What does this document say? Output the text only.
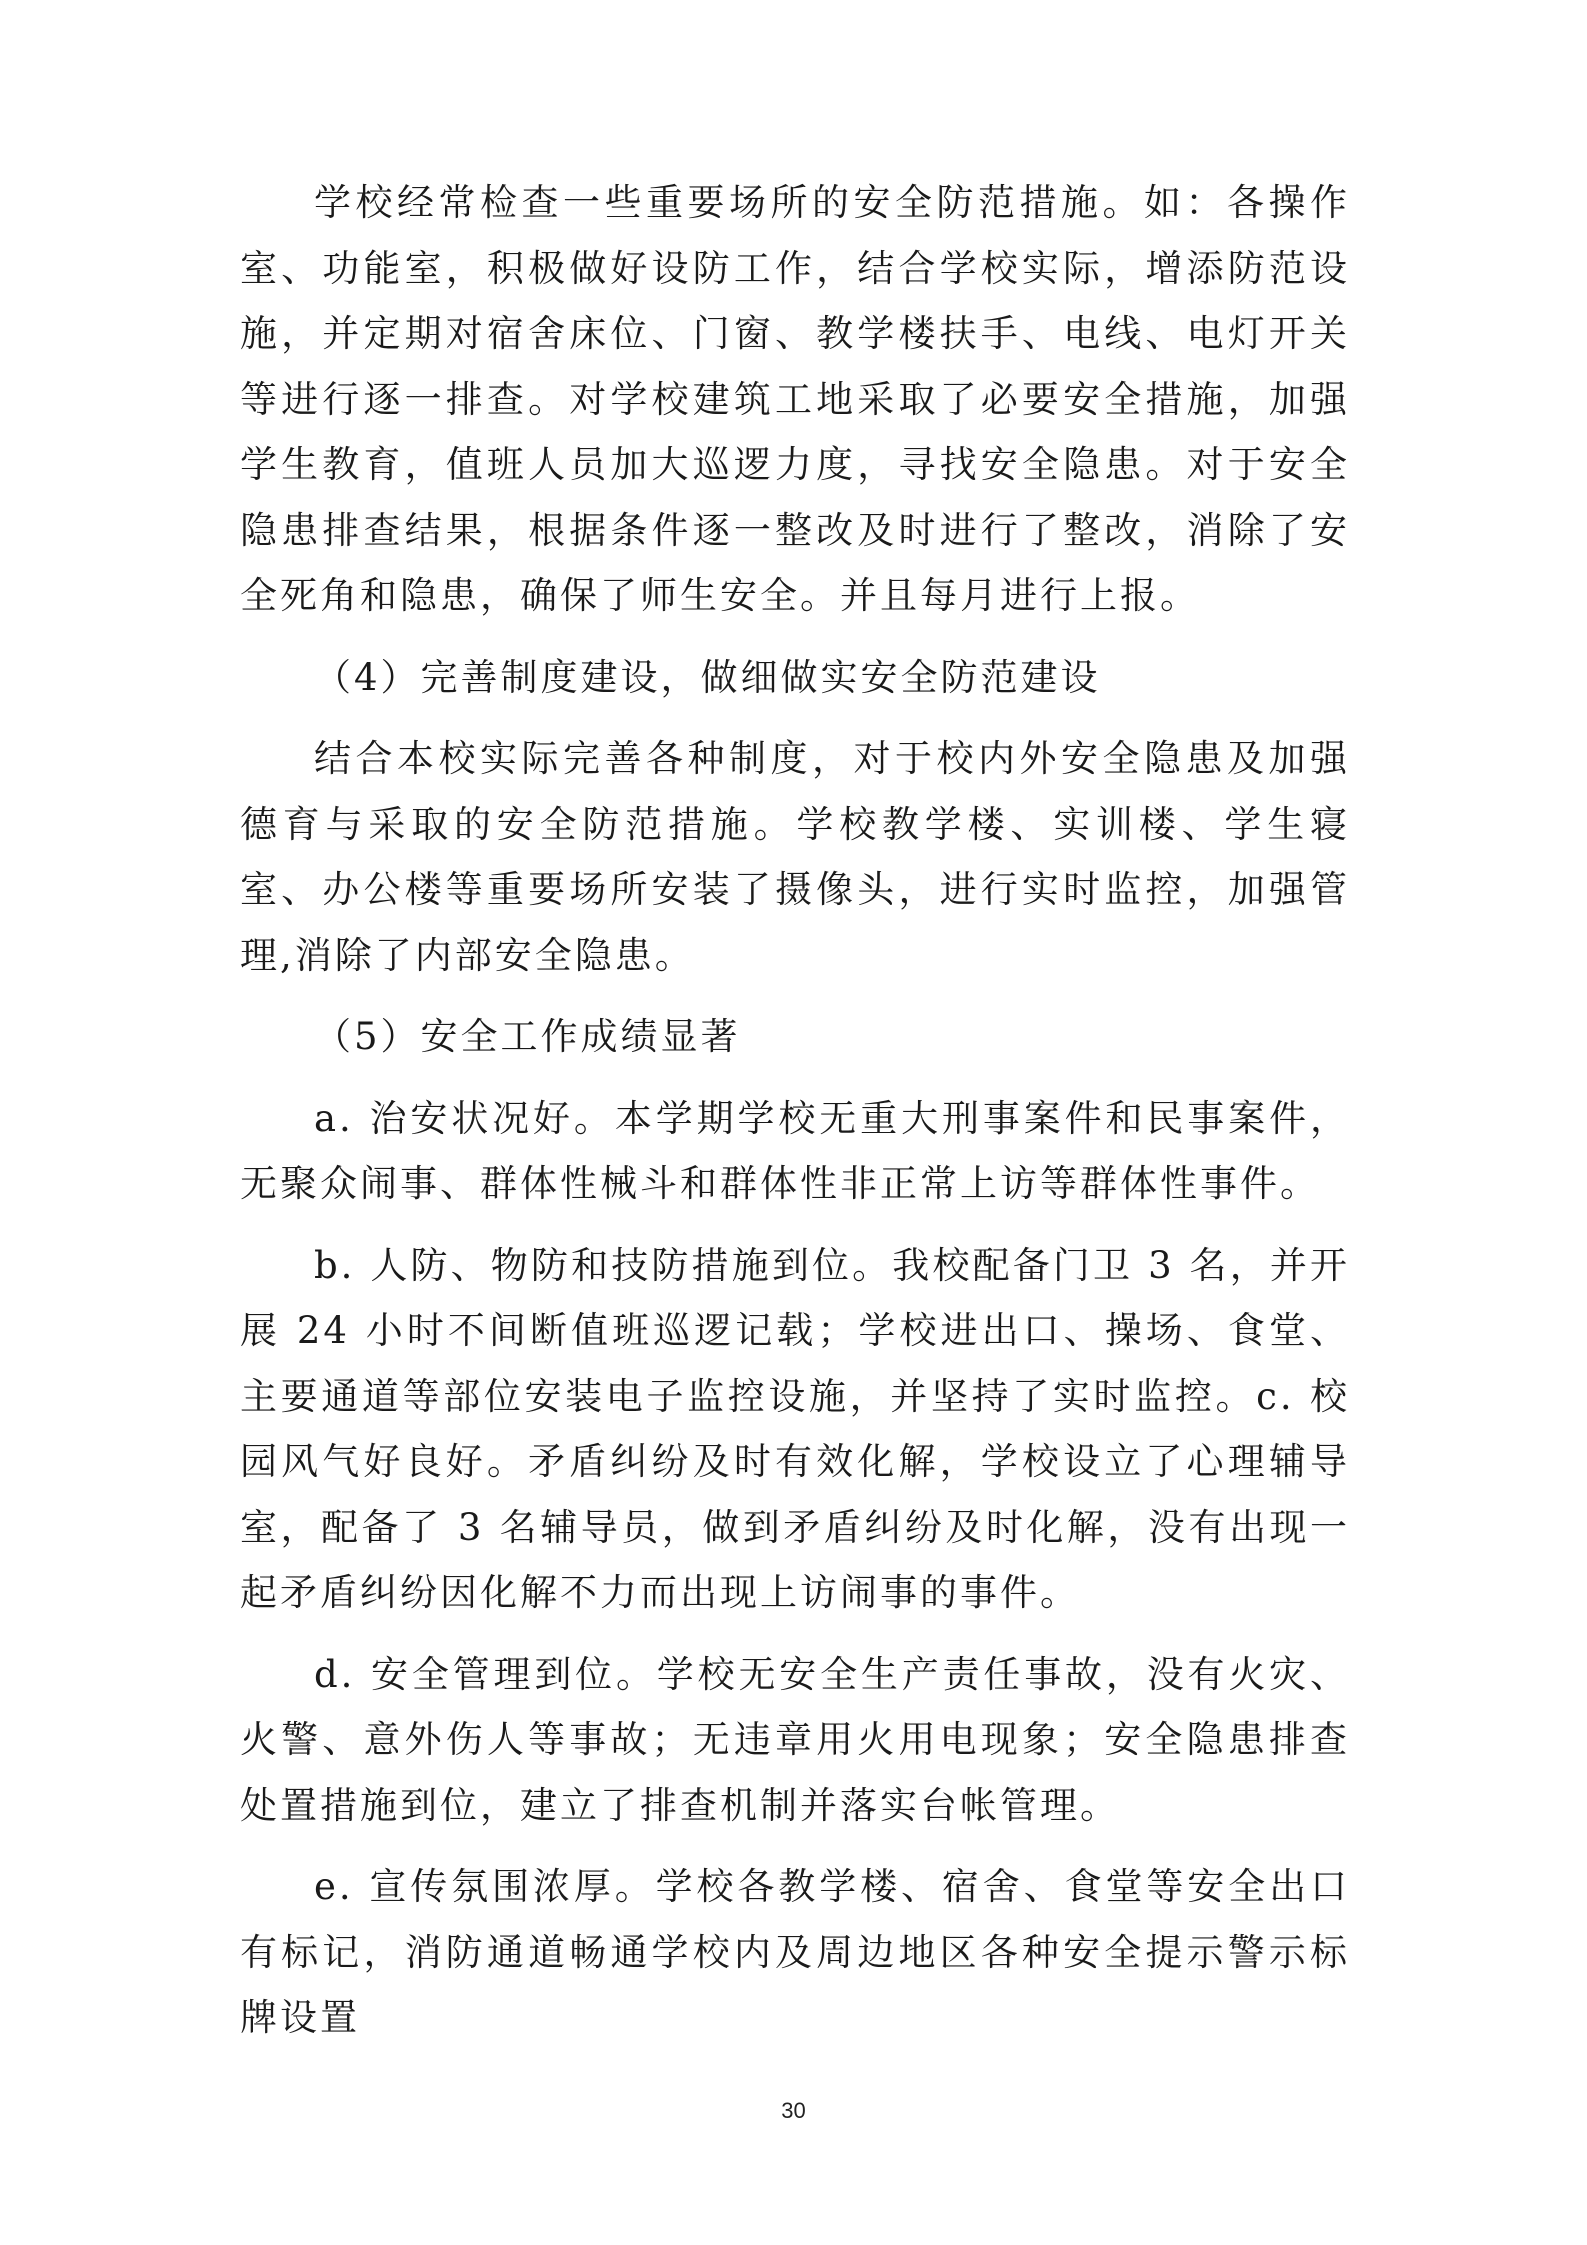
学校经常检查一些重要场所的安全防范措施。如：各操作室、功能室，积极做好设防工作，结合学校实际，增添防范设施，并定期对宿舍床位、门窗、教学楼扶手、电线、电灯开关等进行逐一排查。对学校建筑工地采取了必要安全措施，加强学生教育，值班人员加大巡逻力度，寻找安全隐患。对于安全隐患排查结果，根据条件逐一整改及时进行了整改，消除了安全死角和隐患，确保了师生安全。并且每月进行上报。

（4）完善制度建设，做细做实安全防范建设

结合本校实际完善各种制度，对于校内外安全隐患及加强德育与采取的安全防范措施。学校教学楼、实训楼、学生寝室、办公楼等重要场所安装了摄像头，进行实时监控，加强管理,消除了内部安全隐患。

（5）安全工作成绩显著

a. 治安状况好。本学期学校无重大刑事案件和民事案件，无聚众闹事、群体性械斗和群体性非正常上访等群体性事件。

b. 人防、物防和技防措施到位。我校配备门卫 3 名，并开展 24 小时不间断值班巡逻记载；学校进出口、操场、食堂、主要通道等部位安装电子监控设施，并坚持了实时监控。c. 校园风气好良好。矛盾纠纷及时有效化解，学校设立了心理辅导室，配备了 3 名辅导员，做到矛盾纠纷及时化解，没有出现一起矛盾纠纷因化解不力而出现上访闹事的事件。

d. 安全管理到位。学校无安全生产责任事故，没有火灾、火警、意外伤人等事故；无违章用火用电现象；安全隐患排查处置措施到位，建立了排查机制并落实台帐管理。

e. 宣传氛围浓厚。学校各教学楼、宿舍、食堂等安全出口有标记，消防通道畅通学校内及周边地区各种安全提示警示标牌设置

30
